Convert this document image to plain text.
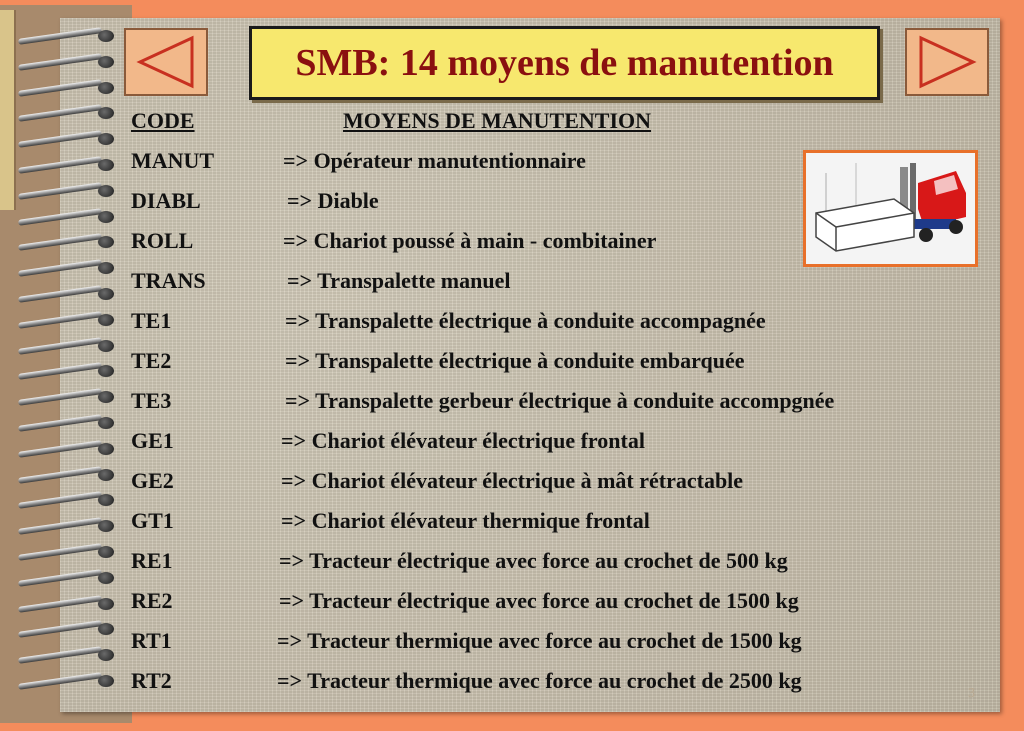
SMB: 14 moyens de manutention
CODE	MOYENS DE MANUTENTION
MANUT	=> Opérateur manutentionnaire
DIABL	=> Diable
ROLL	=> Chariot poussé à main - combitainer
TRANS	=> Transpalette manuel
TE1	=> Transpalette électrique à conduite accompagnée
TE2	=> Transpalette électrique à conduite embarquée
TE3	=> Transpalette gerbeur électrique à conduite accompgnée
GE1	=> Chariot élévateur électrique frontal
GE2	=> Chariot élévateur électrique à mât rétractable
GT1	=> Chariot élévateur thermique frontal
RE1	=> Tracteur électrique avec force au crochet de 500 kg
RE2	=> Tracteur électrique avec force au crochet de 1500 kg
RT1	=> Tracteur thermique avec force au crochet de 1500 kg
RT2	=> Tracteur thermique avec force au crochet de 2500 kg
3
